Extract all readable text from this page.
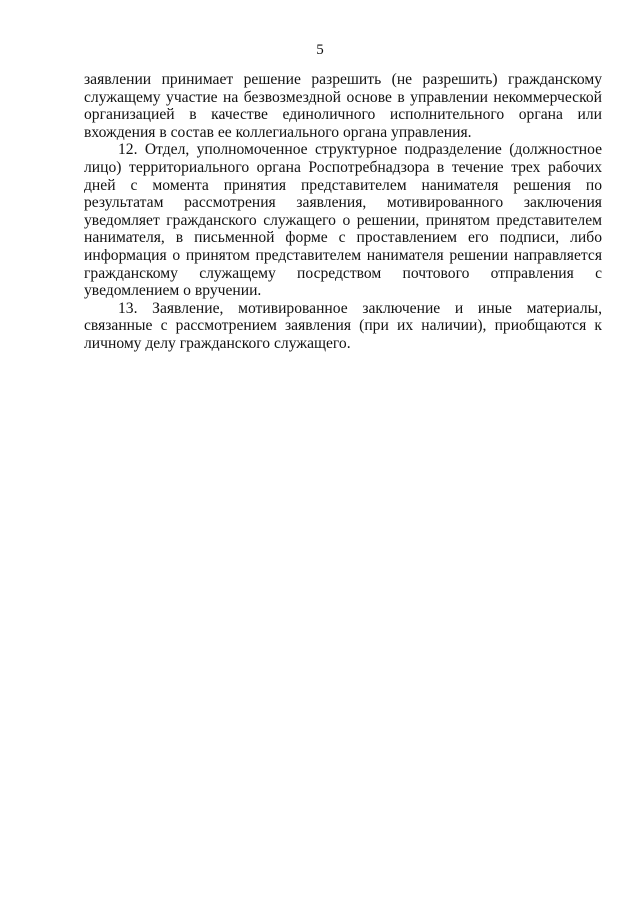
5

заявлении принимает решение разрешить (не разрешить) гражданскому служащему участие на безвозмездной основе в управлении некоммерческой организацией в качестве единоличного исполнительного органа или вхождения в состав ее коллегиального органа управления.

12. Отдел, уполномоченное структурное подразделение (должностное лицо) территориального органа Роспотребнадзора в течение трех рабочих дней с момента принятия представителем нанимателя решения по результатам рассмотрения заявления, мотивированного заключения уведомляет гражданского служащего о решении, принятом представителем нанимателя, в письменной форме с проставлением его подписи, либо информация о принятом представителем нанимателя решении направляется гражданскому служащему посредством почтового отправления с уведомлением о вручении.

13. Заявление, мотивированное заключение и иные материалы, связанные с рассмотрением заявления (при их наличии), приобщаются к личному делу гражданского служащего.
